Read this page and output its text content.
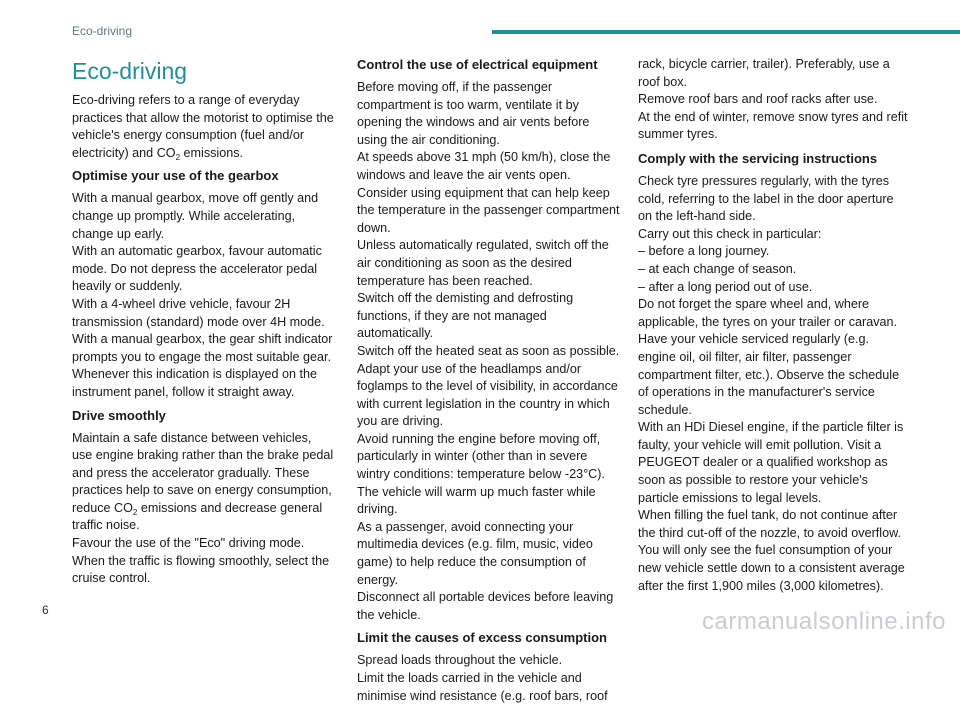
Eco-driving
Eco-driving

Eco-driving refers to a range of everyday practices that allow the motorist to optimise the vehicle's energy consumption (fuel and/or electricity) and $CO_2$ emissions.

Optimise your use of the gearbox

With a manual gearbox, move off gently and change up promptly. While accelerating, change up early.

With an automatic gearbox, favour automatic mode. Do not depress the accelerator pedal heavily or suddenly.

With a 4-wheel drive vehicle, favour 2H transmission (standard) mode over 4H mode.

With a manual gearbox, the gear shift indicator prompts you to engage the most suitable gear. Whenever this indication is displayed on the instrument panel, follow it straight away.

Drive smoothly

Maintain a safe distance between vehicles, use engine braking rather than the brake pedal and press the accelerator gradually. These practices help to save on energy consumption, reduce $CO_2$ emissions and decrease general traffic noise.

Favour the use of the "Eco" driving mode.

When the traffic is flowing smoothly, select the cruise control.

Control the use of electrical equipment

Before moving off, if the passenger compartment is too warm, ventilate it by opening the windows and air vents before using the air conditioning.

At speeds above 31 mph (50 km/h), close the windows and leave the air vents open.

Consider using equipment that can help keep the temperature in the passenger compartment down.

Unless automatically regulated, switch off the air conditioning as soon as the desired temperature has been reached.

Switch off the demisting and defrosting functions, if they are not managed automatically.

Switch off the heated seat as soon as possible.

Adapt your use of the headlamps and/or foglamps to the level of visibility, in accordance with current legislation in the country in which you are driving.

Avoid running the engine before moving off, particularly in winter (other than in severe wintry conditions: temperature below -23°C). The vehicle will warm up much faster while driving.

As a passenger, avoid connecting your multimedia devices (e.g. film, music, video game) to help reduce the consumption of energy.

Disconnect all portable devices before leaving the vehicle.

Limit the causes of excess consumption

Spread loads throughout the vehicle.

Limit the loads carried in the vehicle and minimise wind resistance (e.g. roof bars, roof

rack, bicycle carrier, trailer). Preferably, use a roof box.

Remove roof bars and roof racks after use.

At the end of winter, remove snow tyres and refit summer tyres.

Comply with the servicing instructions

Check tyre pressures regularly, with the tyres cold, referring to the label in the door aperture on the left-hand side.

Carry out this check in particular:

– before a long journey.

– at each change of season.

– after a long period out of use.

Do not forget the spare wheel and, where applicable, the tyres on your trailer or caravan.

Have your vehicle serviced regularly (e.g. engine oil, oil filter, air filter, passenger compartment filter, etc.). Observe the schedule of operations in the manufacturer's service schedule.

With an HDi Diesel engine, if the particle filter is faulty, your vehicle will emit pollution. Visit a PEUGEOT dealer or a qualified workshop as soon as possible to restore your vehicle's particle emissions to legal levels.

When filling the fuel tank, do not continue after the third cut-off of the nozzle, to avoid overflow.

You will only see the fuel consumption of your new vehicle settle down to a consistent average after the first 1,900 miles (3,000 kilometres).

6	carmanualsonline.info
